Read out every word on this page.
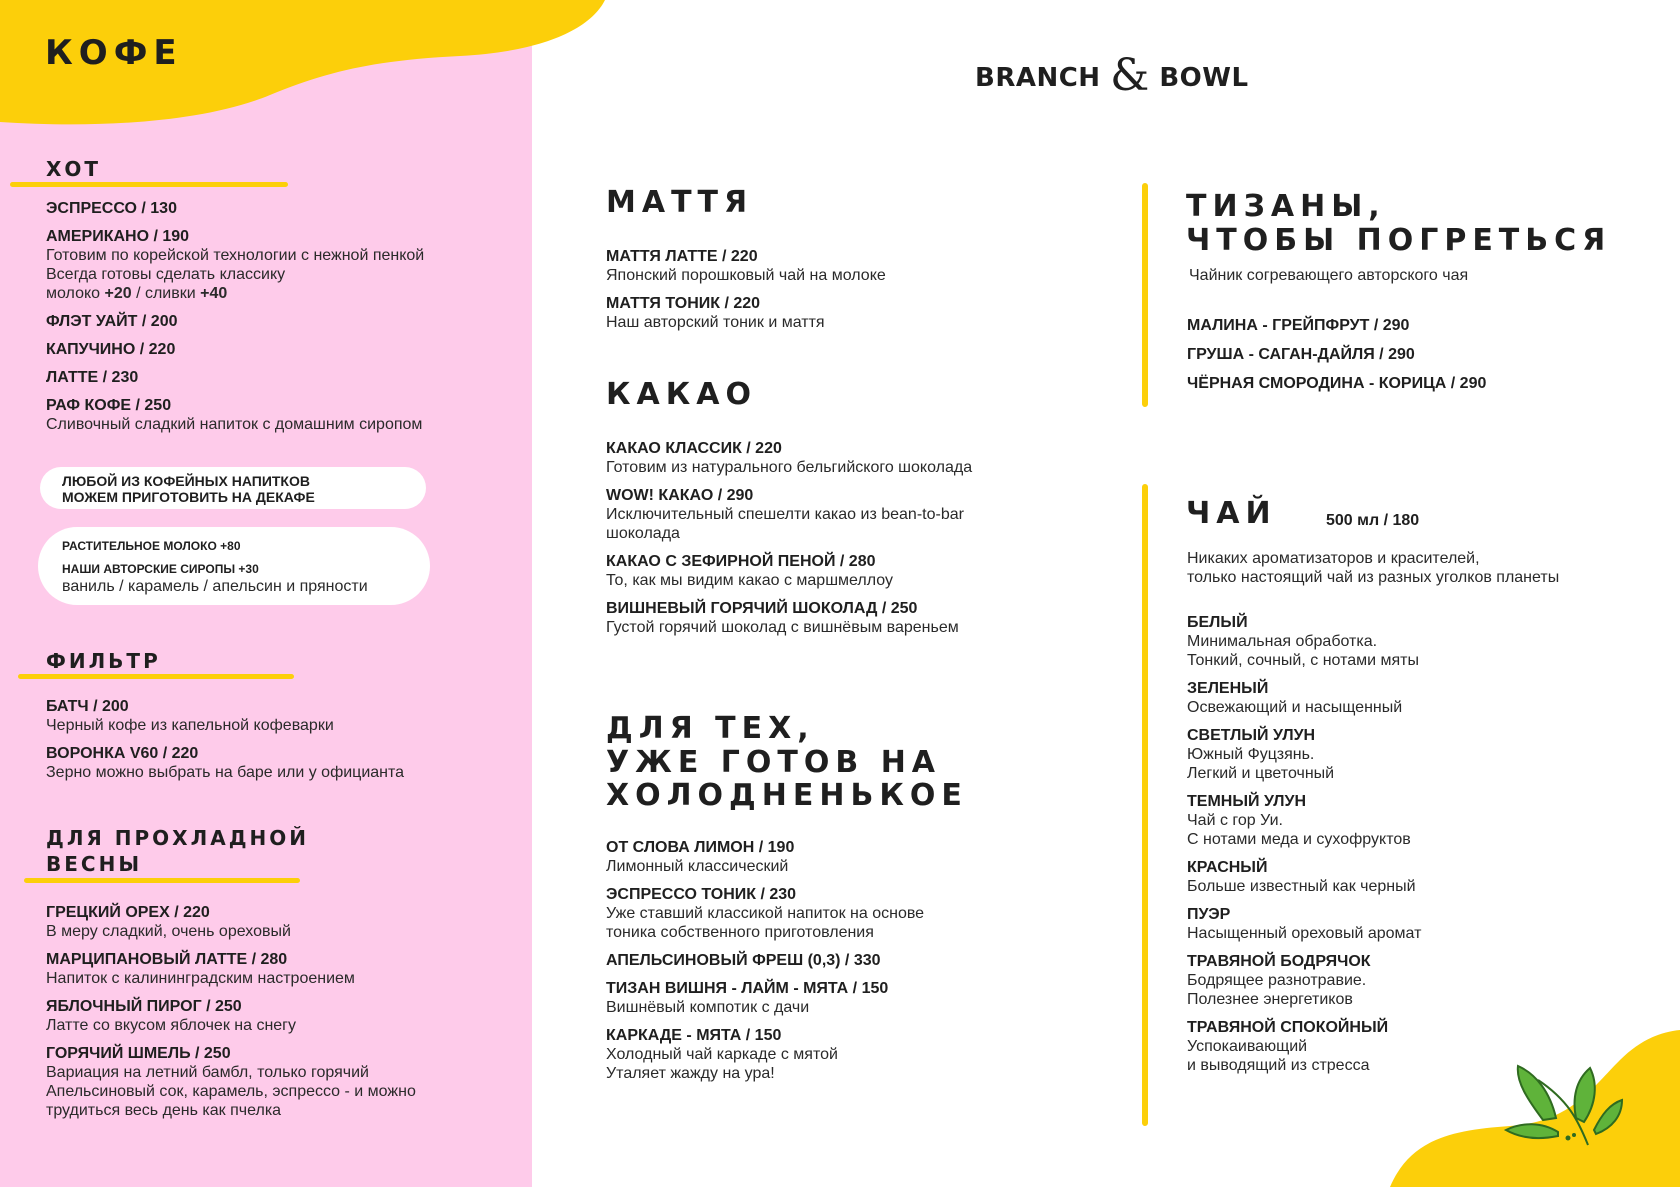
BRANCH & BOWL
КОФЕ

ХОТ

ЭСПРЕССО / 130

АМЕРИКАНО / 190

Готовим по корейской технологии с нежной пенкой

Всегда готовы сделать классику

молоко +20 / сливки +40

ФЛЭТ УАЙТ / 200

КАПУЧИНО / 220

ЛАТТЕ / 230

РАФ КОФЕ / 250

Сливочный сладкий напиток с домашним сиропом

ЛЮБОЙ ИЗ КОФЕЙНЫХ НАПИТКОВ

МОЖЕМ ПРИГОТОВИТЬ НА ДЕКАФЕ

РАСТИТЕЛЬНОЕ МОЛОКО +80

НАШИ АВТОРСКИЕ СИРОПЫ +30

ваниль / карамель / апельсин и пряности

ФИЛЬТР

БАТЧ / 200

Черный кофе из капельной кофеварки

ВОРОНКА V60 / 220

Зерно можно выбрать на баре или у официанта

ДЛЯ ПРОХЛАДНОЙ

ВЕСНЫ

ГРЕЦКИЙ ОРЕХ / 220

В меру сладкий, очень ореховый

МАРЦИПАНОВЫЙ ЛАТТЕ / 280

Напиток с калининградским настроением

ЯБЛОЧНЫЙ ПИРОГ / 250

Латте со вкусом яблочек на снегу

ГОРЯЧИЙ ШМЕЛЬ / 250

Вариация на летний бамбл, только горячий

Апельсиновый сок, карамель, эспрессо - и можно

трудиться весь день как пчелка

МАТТЯ

МАТТЯ ЛАТТЕ / 220

Японский порошковый чай на молоке

МАТТЯ ТОНИК / 220

Наш авторский тоник и маття

КАКАО

КАКАО КЛАССИК / 220

Готовим из натурального бельгийского шоколада

WOW! КАКАО / 290

Исключительный спешелти какао из bean-to-bar

шоколада

КАКАО С ЗЕФИРНОЙ ПЕНОЙ / 280

То, как мы видим какао с маршмеллоу

ВИШНЕВЫЙ ГОРЯЧИЙ ШОКОЛАД / 250

Густой горячий шоколад с вишнёвым вареньем

ДЛЯ ТЕХ,

УЖЕ ГОТОВ НА

ХОЛОДНЕНЬКОЕ

ОТ СЛОВА ЛИМОН / 190

Лимонный классический

ЭСПРЕССО ТОНИК / 230

Уже ставший классикой напиток на основе

тоника собственного приготовления

АПЕЛЬСИНОВЫЙ ФРЕШ (0,3) / 330

ТИЗАН ВИШНЯ - ЛАЙМ - МЯТА / 150

Вишнёвый компотик с дачи

КАРКАДЕ - МЯТА / 150

Холодный чай каркаде с мятой

Уталяет жажду на ура!

ТИЗАНЫ,

ЧТОБЫ ПОГРЕТЬСЯ

Чайник согревающего авторского чая

МАЛИНА - ГРЕЙПФРУТ / 290

ГРУША - САГАН-ДАЙЛЯ / 290

ЧЁРНАЯ СМОРОДИНА - КОРИЦА / 290

ЧАЙ	500 мл / 180

Никаких ароматизаторов и красителей,

только настоящий чай из разных уголков планеты

БЕЛЫЙ

Минимальная обработка.

Тонкий, сочный, с нотами мяты

ЗЕЛЕНЫЙ

Освежающий и насыщенный

СВЕТЛЫЙ УЛУН

Южный Фуцзянь.

Легкий и цветочный

ТЕМНЫЙ УЛУН

Чай с гор Уи.

С нотами меда и сухофруктов

КРАСНЫЙ

Больше известный как черный

ПУЭР

Насыщенный ореховый аромат

ТРАВЯНОЙ БОДРЯЧОК

Бодрящее разнотравие.

Полезнее энергетиков

ТРАВЯНОЙ СПОКОЙНЫЙ

Успокаивающий

и выводящий из стресса
